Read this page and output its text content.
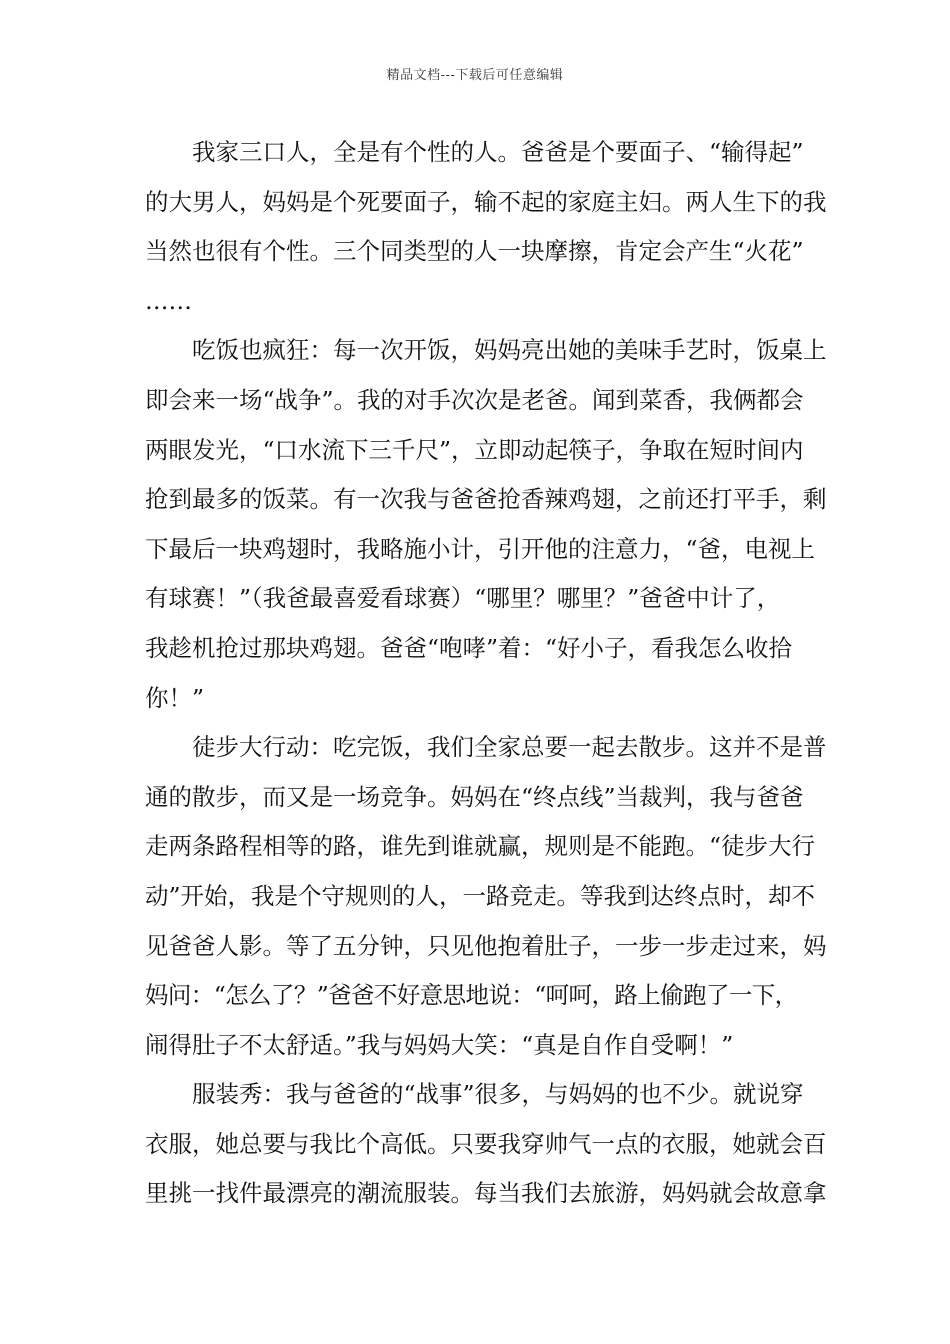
精品文档---下载后可任意编辑
我家三口人，全是有个性的人。爸爸是个要面子、“输得起”
的大男人，妈妈是个死要面子，输不起的家庭主妇。两人生下的我
当然也很有个性。三个同类型的人一块摩擦，肯定会产生“火花”
……
吃饭也疯狂：每一次开饭，妈妈亮出她的美味手艺时，饭桌上
即会来一场“战争”。我的对手次次是老爸。闻到菜香，我俩都会
两眼发光，“口水流下三千尺”，立即动起筷子，争取在短时间内
抢到最多的饭菜。有一次我与爸爸抢香辣鸡翅，之前还打平手，剩
下最后一块鸡翅时，我略施小计，引开他的注意力，“爸，电视上
有球赛！”（我爸最喜爱看球赛）“哪里？哪里？”爸爸中计了，
我趁机抢过那块鸡翅。爸爸“咆哮”着：“好小子，看我怎么收拾
你！”
徒步大行动：吃完饭，我们全家总要一起去散步。这并不是普
通的散步，而又是一场竞争。妈妈在“终点线”当裁判，我与爸爸
走两条路程相等的路，谁先到谁就赢，规则是不能跑。“徒步大行
动”开始，我是个守规则的人，一路竞走。等我到达终点时，却不
见爸爸人影。等了五分钟，只见他抱着肚子，一步一步走过来，妈
妈问：“怎么了？”爸爸不好意思地说：“呵呵，路上偷跑了一下，
闹得肚子不太舒适。”我与妈妈大笑：“真是自作自受啊！”
服装秀：我与爸爸的“战事”很多，与妈妈的也不少。就说穿
衣服，她总要与我比个高低。只要我穿帅气一点的衣服，她就会百
里挑一找件最漂亮的潮流服装。每当我们去旅游，妈妈就会故意拿
